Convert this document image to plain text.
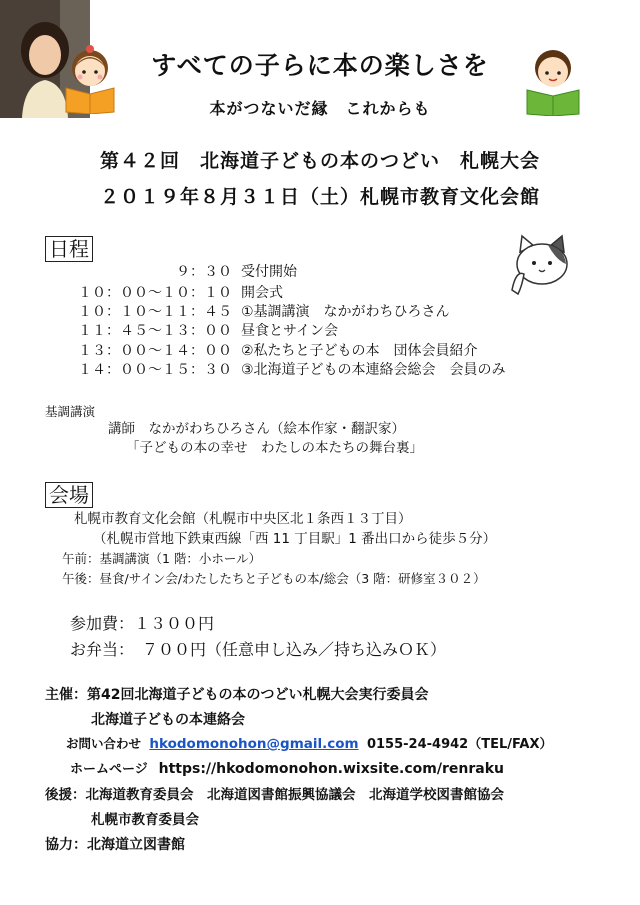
すべての子らに本の楽しさを
本がつないだ縁　これからも
第４２回　北海道子どもの本のつどい　札幌大会
２０１９年８月３１日（土）札幌市教育文化会館
日程
９：３０ 受付開始
１０：００～１０：１０ 開会式
１０：１０～１１：４５ ①基調講演　なかがわちひろさん
１１：４５～１３：００ 昼食とサイン会
１３：００～１４：００ ②私たちと子どもの本　団体会員紹介
１４：００～１５：３０ ③北海道子どもの本連絡会総会　会員のみ
基調講演
講師　なかがわちひろさん（絵本作家・翻訳家）
「子どもの本の幸せ　わたしの本たちの舞台裏」
会場
札幌市教育文化会館（札幌市中央区北１条西１３丁目）
（札幌市営地下鉄東西線「西 11 丁目駅」1 番出口から徒歩５分）
午前：基調講演（1 階：小ホール）
午後：昼食/サイン会/わたしたちと子どもの本/総会（3 階：研修室３０２）
参加費：１３００円
お弁当：　７００円（任意申し込み／持ち込みＯＫ）
主催：第42回北海道子どもの本のつどい札幌大会実行委員会
北海道子どもの本連絡会
お問い合わせ hkodomonohon@gmail.com 0155-24-4942（TEL/FAX）
ホームページ https://hkodomonohon.wixsite.com/renraku
後援：北海道教育委員会　北海道図書館振興協議会　北海道学校図書館協会
札幌市教育委員会
協力：北海道立図書館
